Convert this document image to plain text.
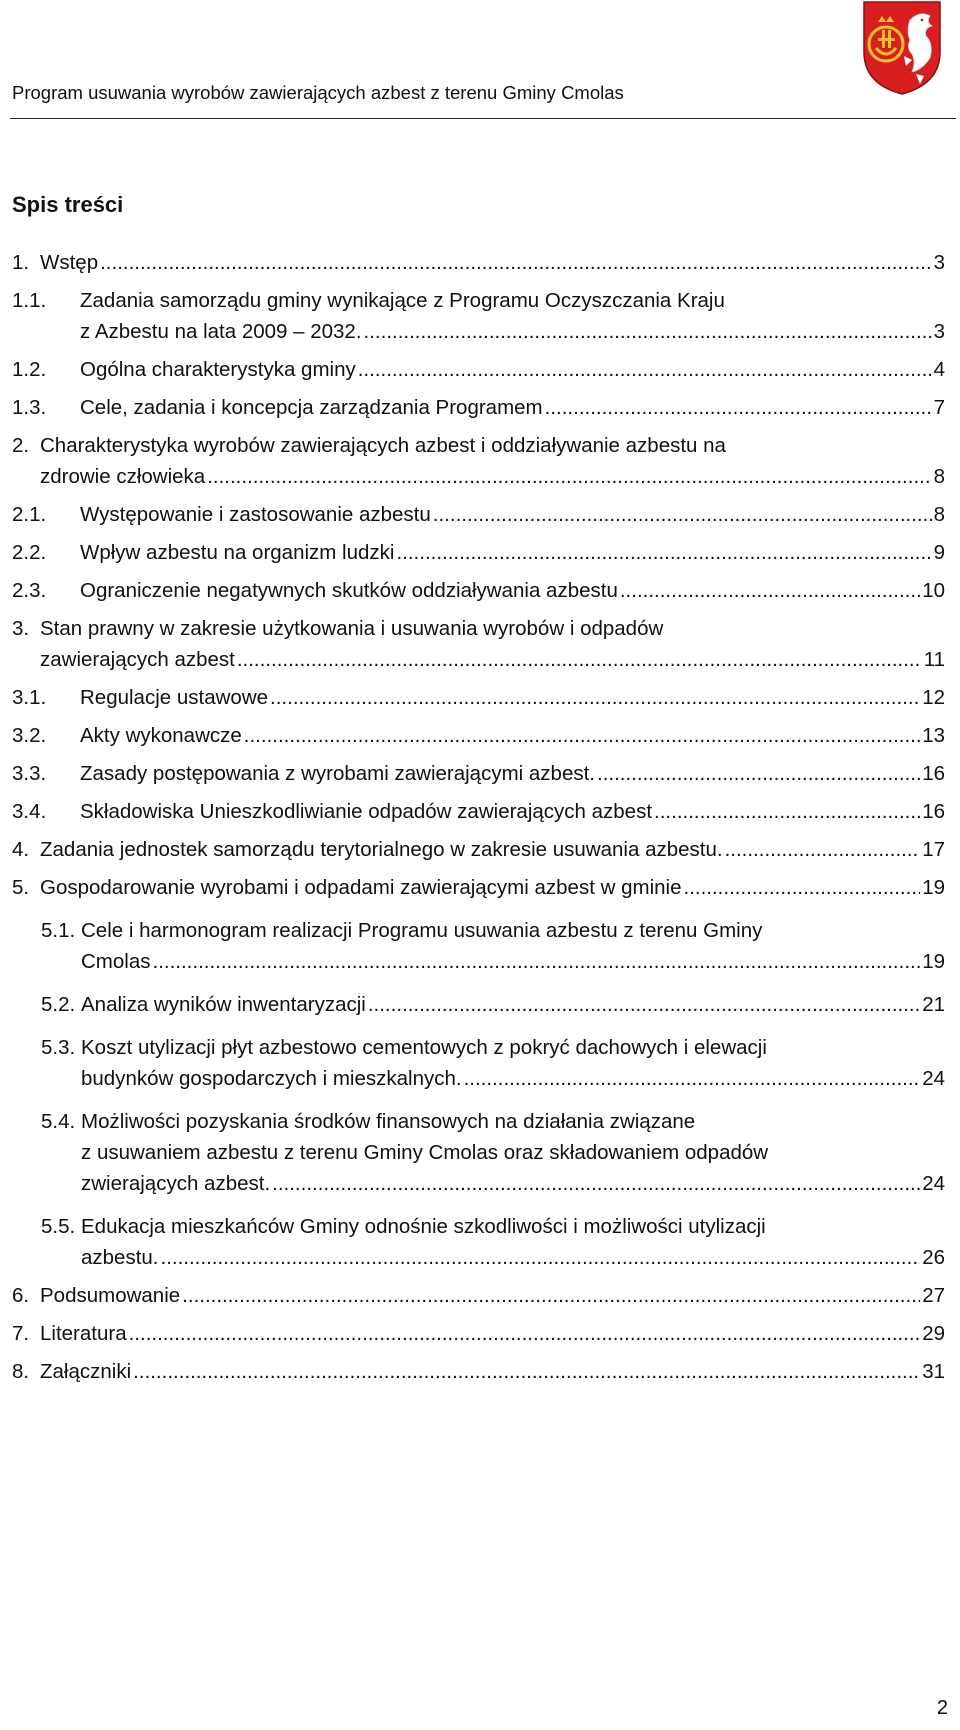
Program usuwania wyrobów zawierających azbest z terenu Gminy Cmolas
Spis treści
1. Wstęp .....	3
1.1. Zadania samorządu gminy wynikające z Programu Oczyszczania Kraju
z Azbestu na lata 2009 – 2032. .....	3
1.2. Ogólna charakterystyka gminy .....	4
1.3. Cele, zadania i koncepcja zarządzania Programem .....	7
2. Charakterystyka wyrobów zawierających azbest i oddziaływanie azbestu na
zdrowie człowieka .....	8
2.1. Występowanie i zastosowanie azbestu .....	8
2.2. Wpływ azbestu na organizm ludzki .....	9
2.3. Ograniczenie negatywnych skutków oddziaływania azbestu .....	10
3. Stan prawny w zakresie użytkowania i usuwania wyrobów i odpadów
zawierających azbest .....	11
3.1. Regulacje ustawowe .....	12
3.2. Akty wykonawcze .....	13
3.3. Zasady postępowania z wyrobami zawierającymi azbest. .....	16
3.4. Składowiska Unieszkodliwianie odpadów zawierających azbest .....	16
4. Zadania jednostek samorządu terytorialnego w zakresie usuwania azbestu. .....	17
5. Gospodarowanie wyrobami i odpadami zawierającymi azbest w gminie .....	19
5.1. Cele i harmonogram realizacji Programu usuwania azbestu z terenu Gminy
Cmolas .....	19
5.2. Analiza wyników inwentaryzacji .....	21
5.3. Koszt utylizacji płyt azbestowo cementowych z pokryć dachowych i elewacji
budynków gospodarczych i mieszkalnych. .....	24
5.4. Możliwości pozyskania środków finansowych na działania związane
z usuwaniem azbestu z terenu Gminy Cmolas oraz składowaniem odpadów
zwierających azbest. .....	24
5.5. Edukacja mieszkańców Gminy odnośnie szkodliwości i możliwości utylizacji
azbestu. .....	26
6. Podsumowanie .....	27
7. Literatura .....	29
8. Załączniki .....	31
2
